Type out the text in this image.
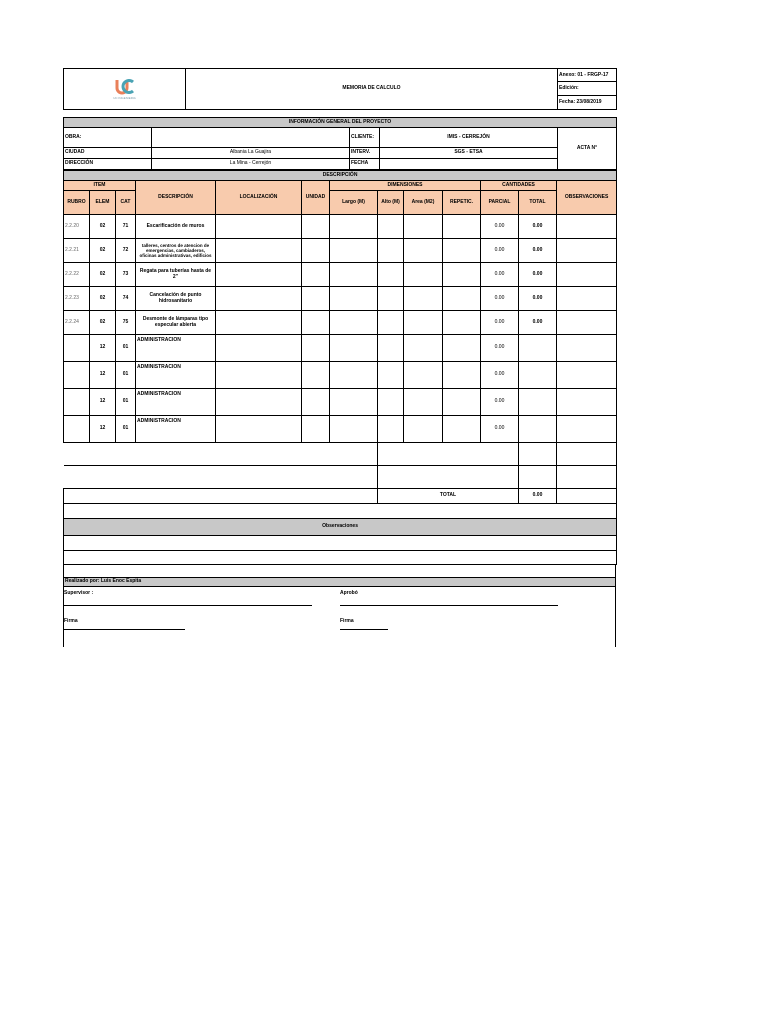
UC INGENIERIA
	MEMORIA DE CALCULO	
Anexo: 01 - FRGP-17
Edición:
Fecha: 23/08/2019
INFORMACIÓN GENERAL DEL PROYECTO				
OBRA:		CLIENTE:	IMIS - CERREJÓN	ACTA N°
CIUDAD	Albania La Guajira	INTERV.	SGS - ETSA	
DIRECCIÓN	La Mina - Cerrejón	FECHA		
DESCRIPCIÓN												
ITEM			DESCRIPCIÓN	LOCALIZACIÓN	UNIDAD	DIMENSIONES				CANTIDADES		OBSERVACIONES
RUBRO	ELEM	CAT				Largo (M)	Alto (M)	Area (M2)	REPETIC.	PARCIAL	TOTAL	
2.2.20	02	71	Escarificación de muros							0.00	0.00	
2.2.21	02	72	talleres, centros de atencion de emergencias, cambiaderos, oficinas administrativas, edificios							0.00	0.00	
2.2.22	02	73	Regata para tuberías hasta de 2"							0.00	0.00	
2.2.23	02	74	Cancelación de punto hidrosanitario							0.00	0.00	
2.2.24	02	75	Desmonte de lámparas tipo especular abierta							0.00	0.00	
	12	01	ADMINISTRACION							0.00		
	12	01	ADMINISTRACION							0.00		
	12	01	ADMINISTRACION							0.00		
	12	01	ADMINISTRACION							0.00		

							TOTAL				0.00	

Observaciones												

Realizado por: Luis Enoc Espita
Supervisor :	Aprobó
Firma	Firma
